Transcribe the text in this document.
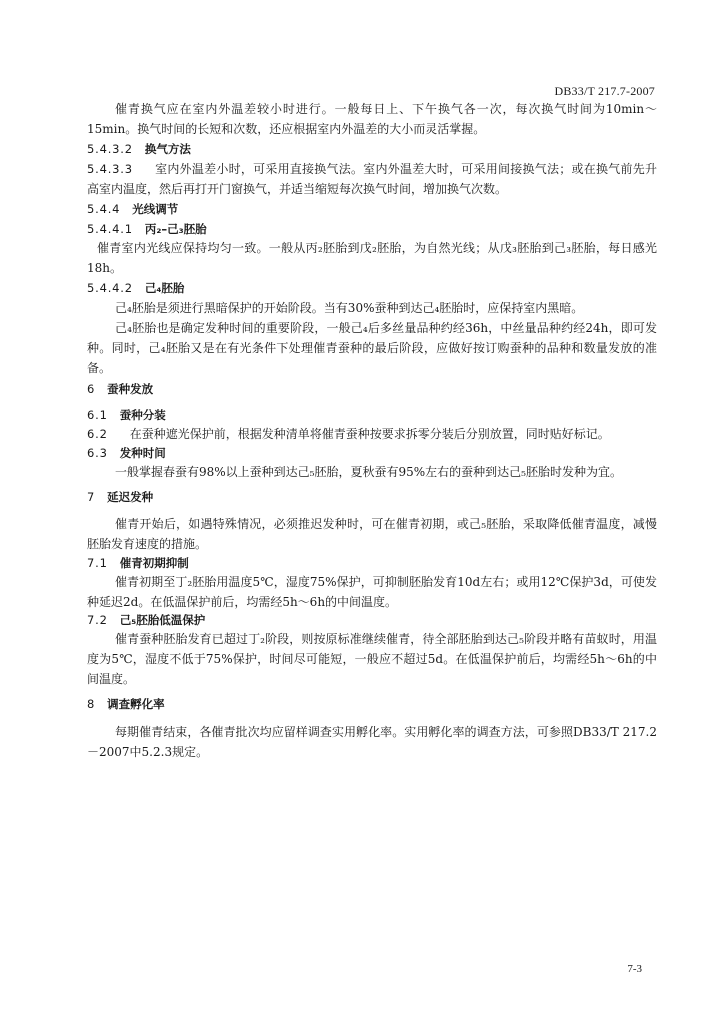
DB33/T 217.7-2007

催青换气应在室内外温差较小时进行。一般每日上、下午换气各一次，每次换气时间为10min～15min。换气时间的长短和次数，还应根据室内外温差的大小而灵活掌握。

5.4.3.2 换气方法

5.4.3.3 室内外温差小时，可采用直接换气法。室内外温差大时，可采用间接换气法；或在换气前先升高室内温度，然后再打开门窗换气，并适当缩短每次换气时间，增加换气次数。

5.4.4 光线调节

5.4.4.1 丙₂–己₃胚胎

催青室内光线应保持均匀一致。一般从丙₂胚胎到戊₂胚胎，为自然光线；从戊₃胚胎到己₃胚胎，每日感光18h。

5.4.4.2 己₄胚胎

己₄胚胎是须进行黑暗保护的开始阶段。当有30%蚕种到达己₄胚胎时，应保持室内黑暗。

己₄胚胎也是确定发种时间的重要阶段，一般己₄后多丝量品种约经36h，中丝量品种约经24h，即可发种。同时，己₄胚胎又是在有光条件下处理催青蚕种的最后阶段，应做好按订购蚕种的品种和数量发放的准备。

6 蚕种发放

6.1 蚕种分装

6.2 在蚕种遮光保护前，根据发种清单将催青蚕种按要求拆零分装后分别放置，同时贴好标记。

6.3 发种时间

一般掌握春蚕有98%以上蚕种到达己₅胚胎，夏秋蚕有95%左右的蚕种到达己₅胚胎时发种为宜。

7 延迟发种

催青开始后，如遇特殊情况，必须推迟发种时，可在催青初期，或己₅胚胎，采取降低催青温度，减慢胚胎发育速度的措施。

7.1 催青初期抑制

催青初期至丁₂胚胎用温度5℃，湿度75%保护，可抑制胚胎发育10d左右；或用12℃保护3d，可使发种延迟2d。在低温保护前后，均需经5h～6h的中间温度。

7.2 己₅胚胎低温保护

催青蚕种胚胎发育已超过丁₂阶段，则按原标准继续催青，待全部胚胎到达己₅阶段并略有苗蚁时，用温度为5℃，湿度不低于75%保护，时间尽可能短，一般应不超过5d。在低温保护前后，均需经5h～6h的中间温度。

8 调查孵化率

每期催青结束，各催青批次均应留样调查实用孵化率。实用孵化率的调查方法，可参照DB33/T 217.2－2007中5.2.3规定。

7-3
